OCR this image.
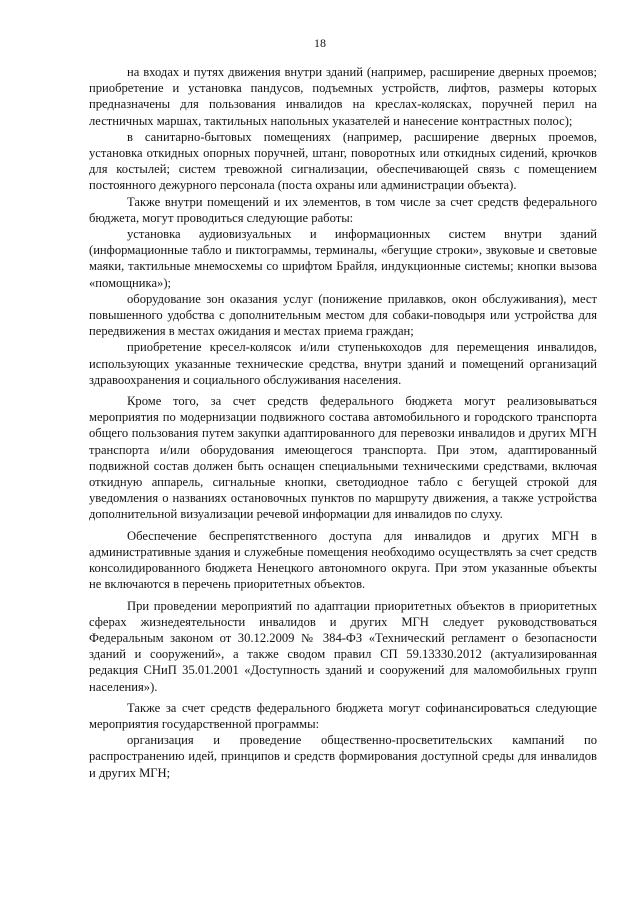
18

на входах и путях движения внутри зданий (например, расширение дверных проемов; приобретение и установка пандусов, подъемных устройств, лифтов, размеры которых предназначены для пользования инвалидов на креслах-колясках, поручней перил на лестничных маршах, тактильных напольных указателей и нанесение контрастных полос);

в санитарно-бытовых помещениях (например, расширение дверных проемов, установка откидных опорных поручней, штанг, поворотных или откидных сидений, крючков для костылей; систем тревожной сигнализации, обеспечивающей связь с помещением постоянного дежурного персонала (поста охраны или администрации объекта).

Также внутри помещений и их элементов, в том числе за счет средств федерального бюджета, могут проводиться следующие работы:

установка аудиовизуальных и информационных систем внутри зданий (информационные табло и пиктограммы, терминалы, «бегущие строки», звуковые и световые маяки, тактильные мнемосхемы со шрифтом Брайля, индукционные системы; кнопки вызова «помощника»);

оборудование зон оказания услуг (понижение прилавков, окон обслуживания), мест повышенного удобства с дополнительным местом для собаки-поводыря или устройства для передвижения в местах ожидания и местах приема граждан;

приобретение кресел-колясок и/или ступенькоходов для перемещения инвалидов, использующих указанные технические средства, внутри зданий и помещений организаций здравоохранения и социального обслуживания населения.

Кроме того, за счет средств федерального бюджета могут реализовываться мероприятия по модернизации подвижного состава автомобильного и городского транспорта общего пользования путем закупки адаптированного для перевозки инвалидов и других МГН транспорта и/или оборудования имеющегося транспорта. При этом, адаптированный подвижной состав должен быть оснащен специальными техническими средствами, включая откидную аппарель, сигнальные кнопки, светодиодное табло с бегущей строкой для уведомления о названиях остановочных пунктов по маршруту движения, а также устройства дополнительной визуализации речевой информации для инвалидов по слуху.

Обеспечение беспрепятственного доступа для инвалидов и других МГН в административные здания и служебные помещения необходимо осуществлять за счет средств консолидированного бюджета Ненецкого автономного округа. При этом указанные объекты не включаются в перечень приоритетных объектов.

При проведении мероприятий по адаптации приоритетных объектов в приоритетных сферах жизнедеятельности инвалидов и других МГН следует руководствоваться Федеральным законом от 30.12.2009 № 384-ФЗ «Технический регламент о безопасности зданий и сооружений», а также сводом правил СП 59.13330.2012 (актуализированная редакция СНиП 35.01.2001 «Доступность зданий и сооружений для маломобильных групп населения»).

Также за счет средств федерального бюджета могут софинансироваться следующие мероприятия государственной программы:

организация и проведение общественно-просветительских кампаний по распространению идей, принципов и средств формирования доступной среды для инвалидов и других МГН;
